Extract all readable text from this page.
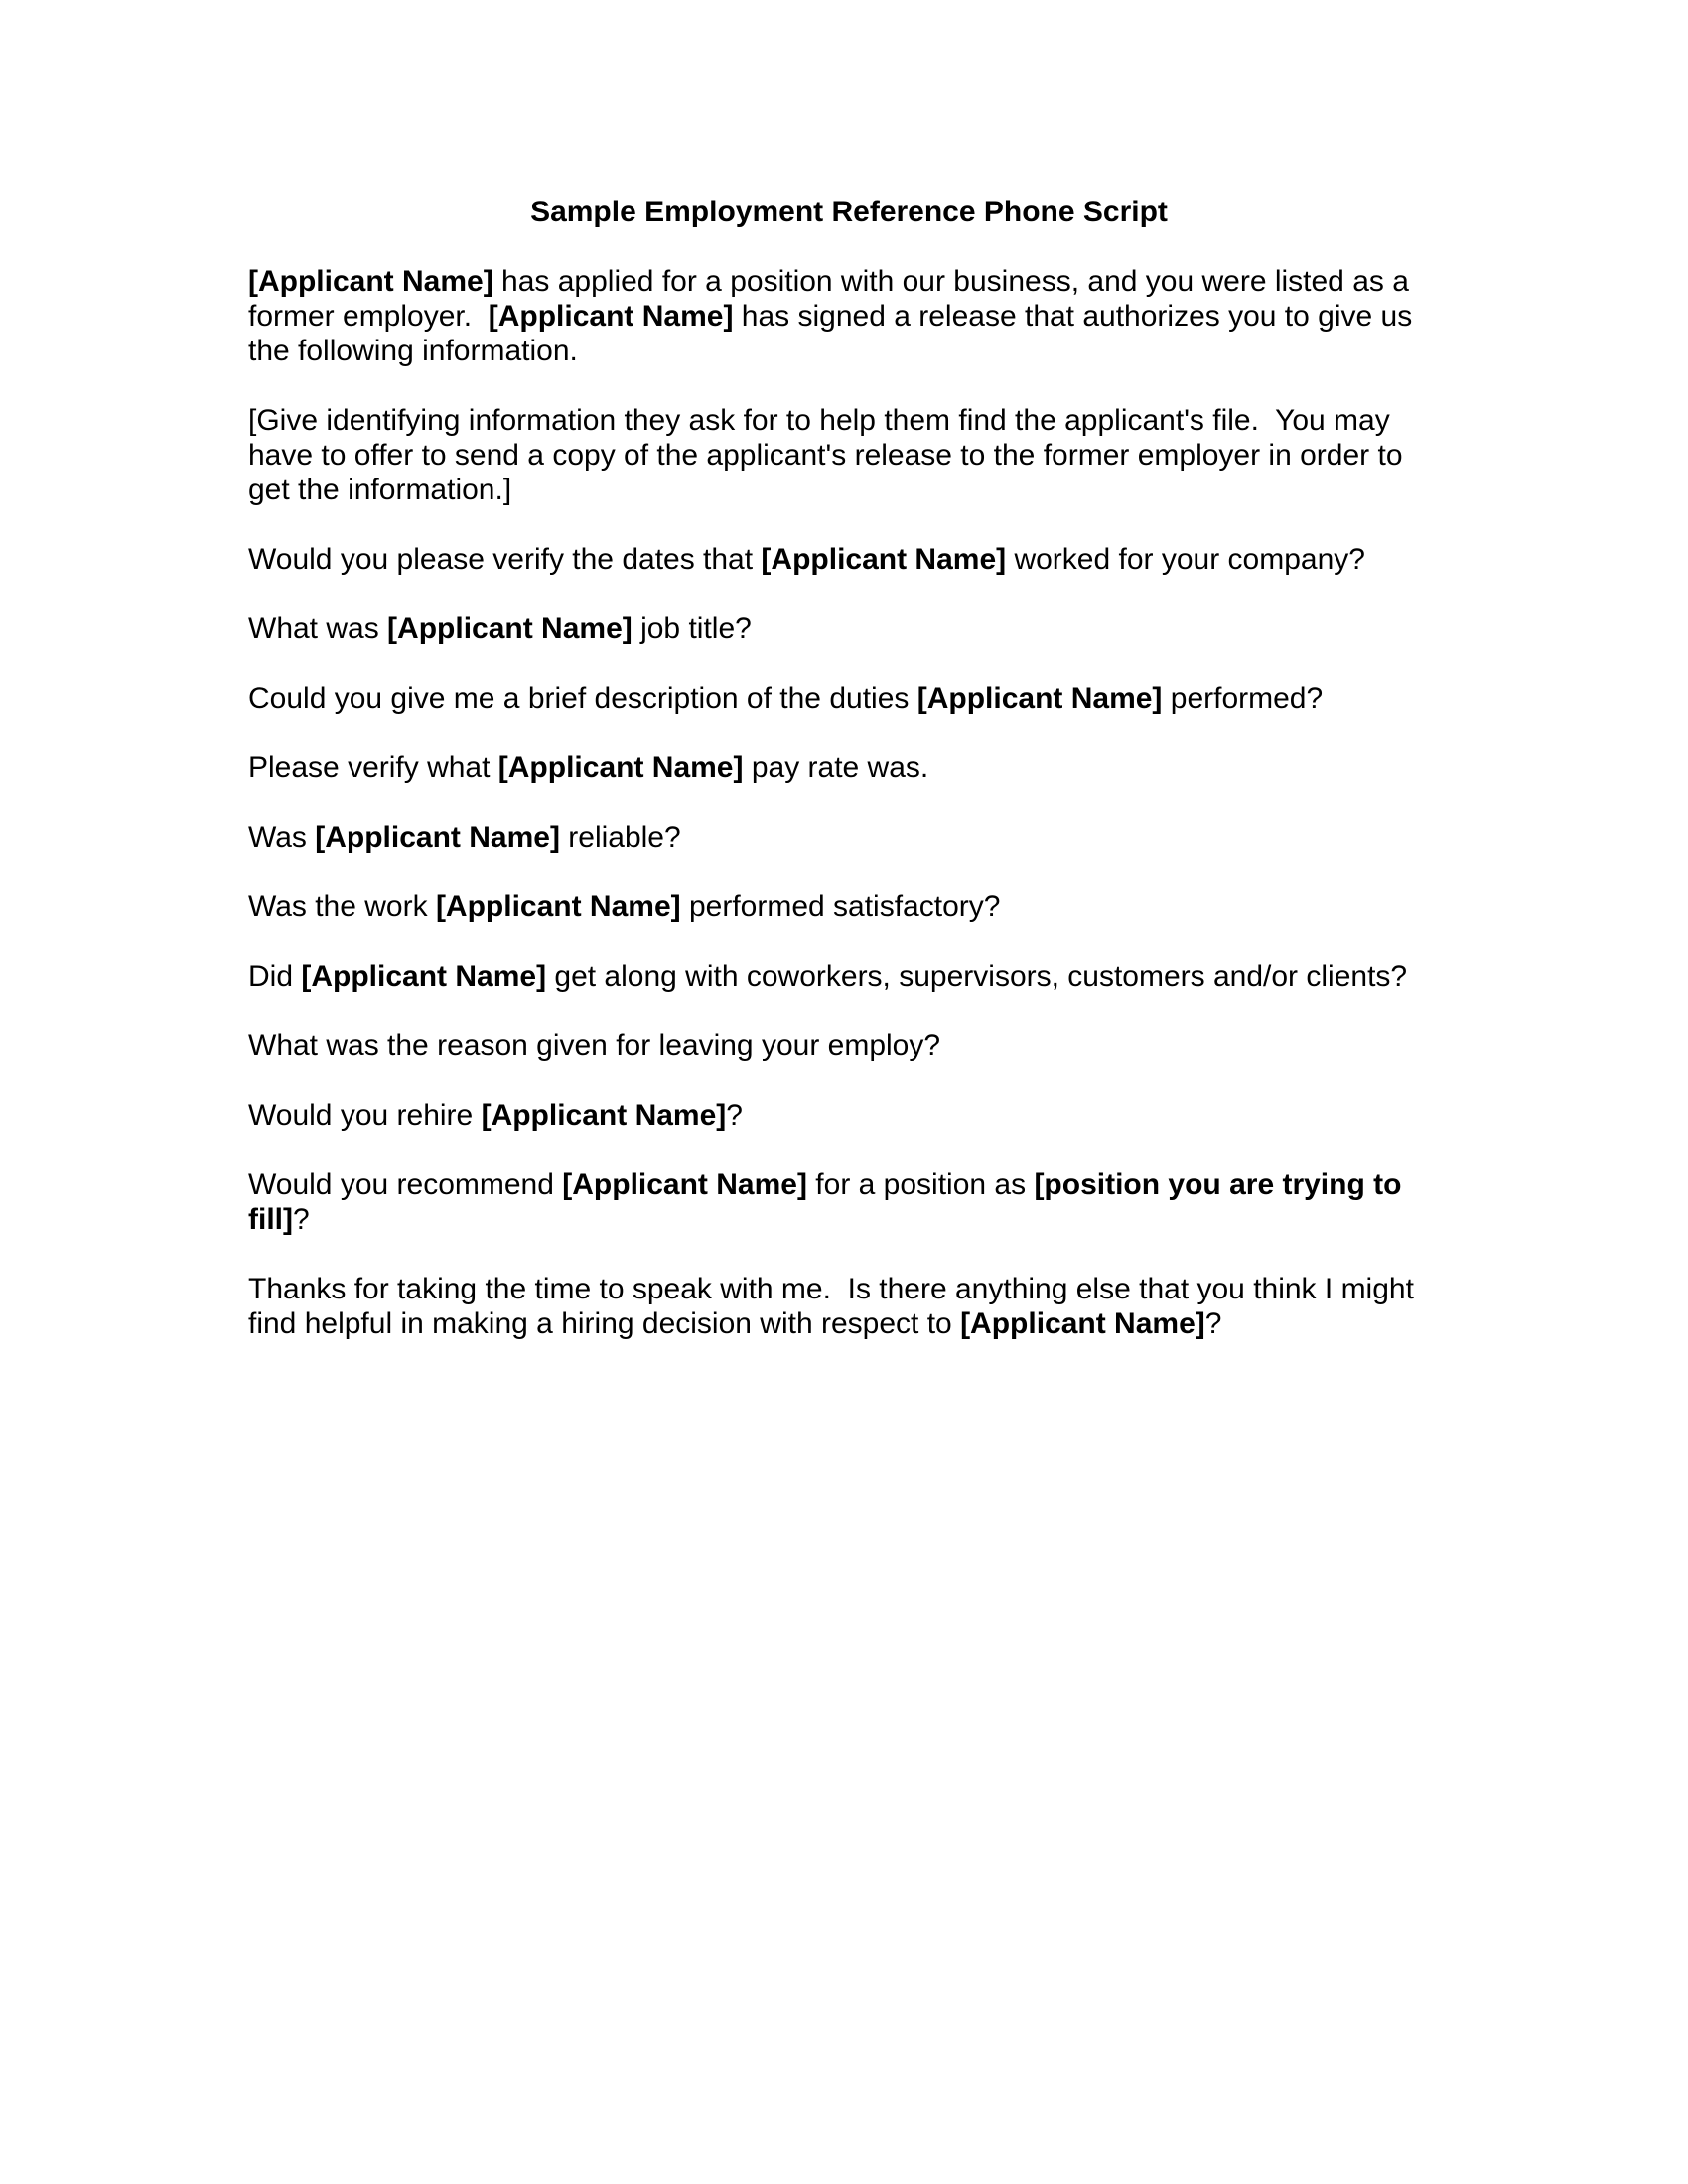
Sample Employment Reference Phone Script

[Applicant Name] has applied for a position with our business, and you were listed as a former employer.  [Applicant Name] has signed a release that authorizes you to give us the following information.

[Give identifying information they ask for to help them find the applicant's file.  You may have to offer to send a copy of the applicant's release to the former employer in order to get the information.]

Would you please verify the dates that [Applicant Name] worked for your company?

What was [Applicant Name] job title?

Could you give me a brief description of the duties [Applicant Name] performed?

Please verify what [Applicant Name] pay rate was.

Was [Applicant Name] reliable?

Was the work [Applicant Name] performed satisfactory?

Did [Applicant Name] get along with coworkers, supervisors, customers and/or clients?

What was the reason given for leaving your employ?

Would you rehire [Applicant Name]?

Would you recommend [Applicant Name] for a position as [position you are trying to fill]?

Thanks for taking the time to speak with me.  Is there anything else that you think I might find helpful in making a hiring decision with respect to [Applicant Name]?
